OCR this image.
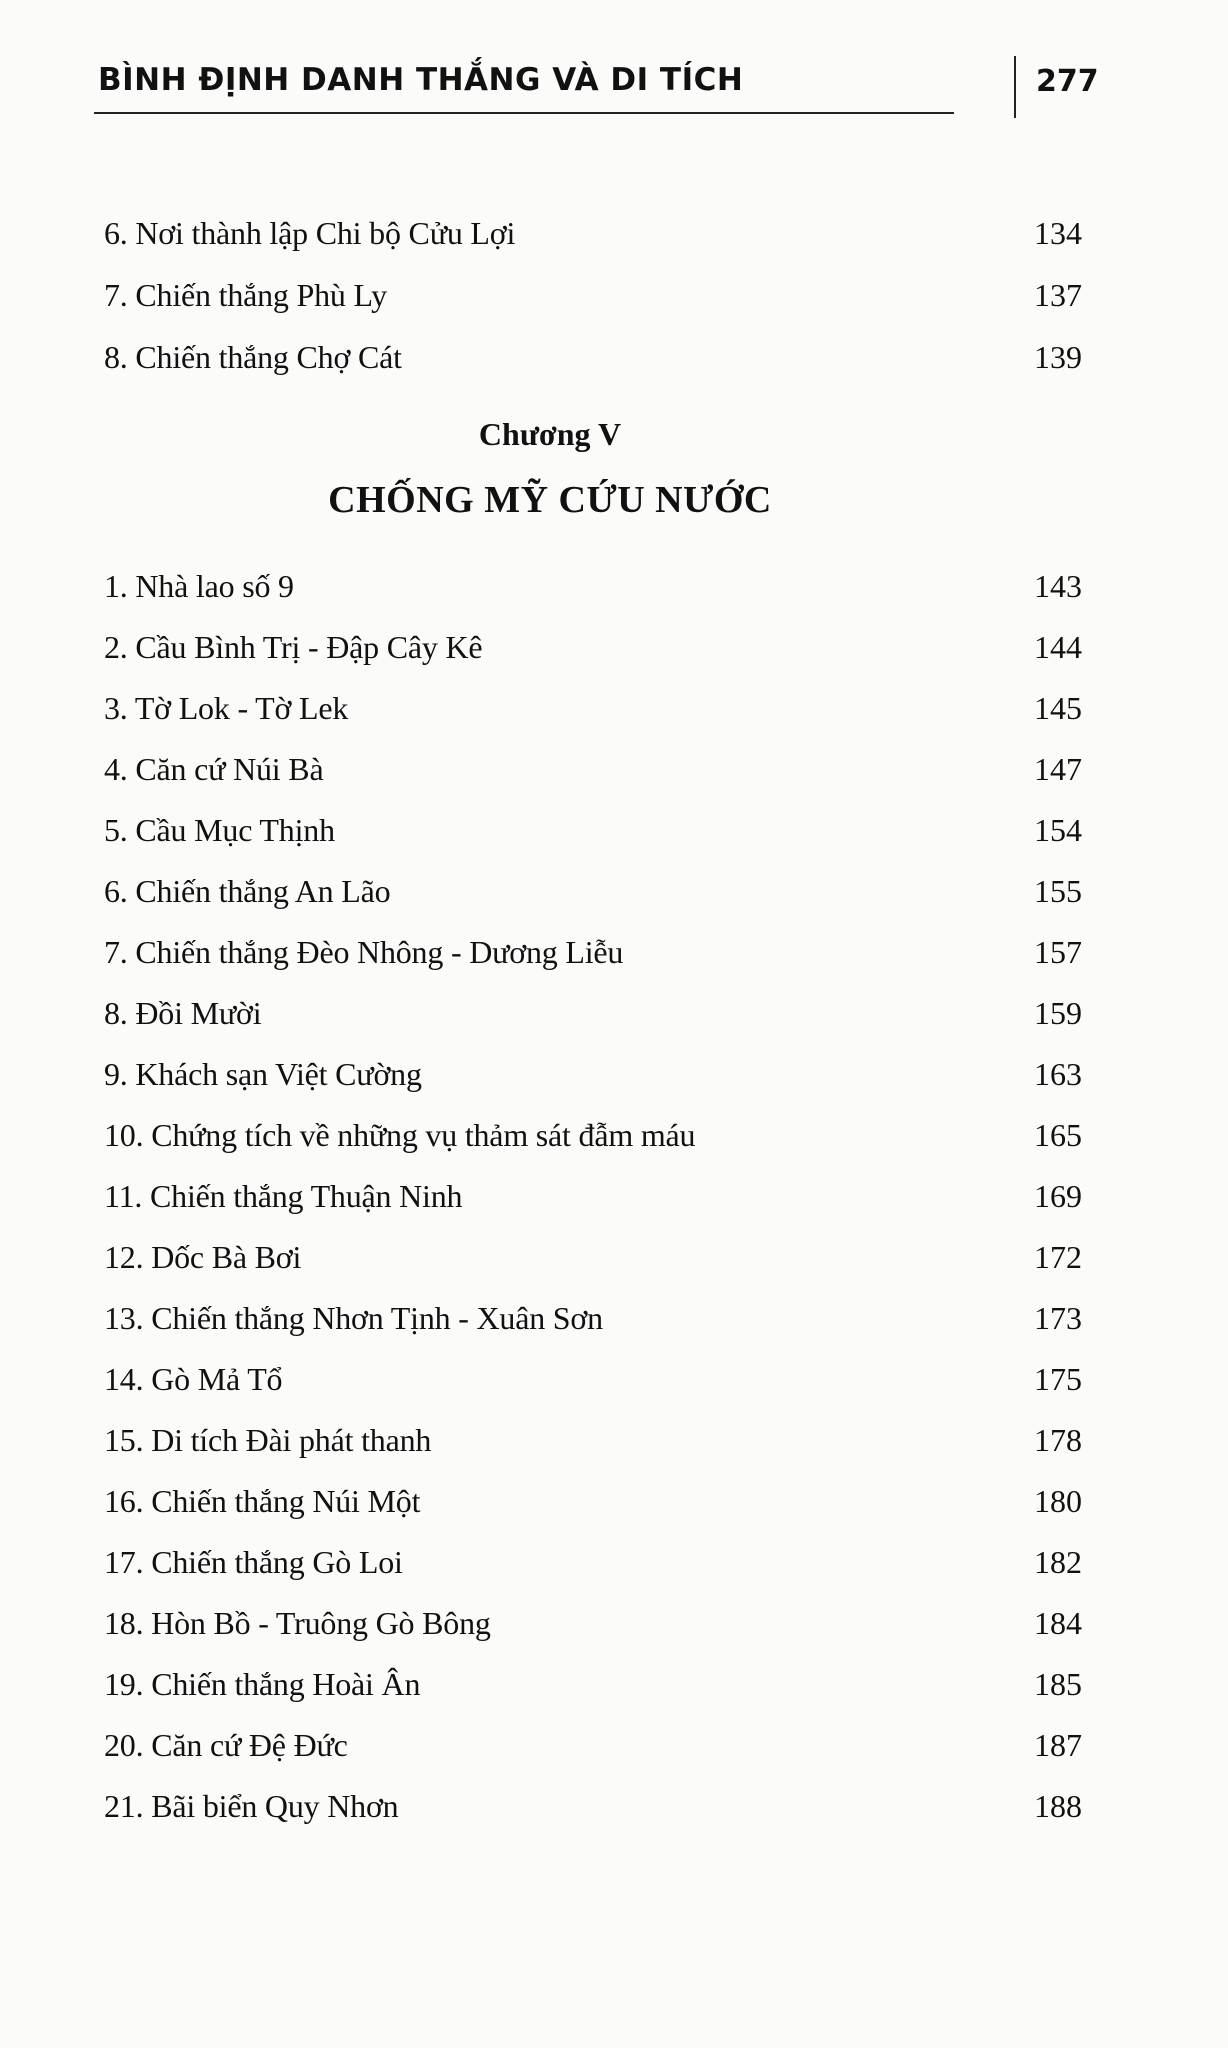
BÌNH ĐỊNH DANH THẮNG VÀ DI TÍCH	277
6. Nơi thành lập Chi bộ Cửu Lợi	134
7. Chiến thắng Phù Ly	137
8. Chiến thắng Chợ Cát	139
Chương V
CHỐNG MỸ CỨU NƯỚC
1. Nhà lao số 9	143
2. Cầu Bình Trị - Đập Cây Kê	144
3. Tờ Lok - Tờ Lek	145
4. Căn cứ Núi Bà	147
5. Cầu Mục Thịnh	154
6. Chiến thắng An Lão	155
7. Chiến thắng Đèo Nhông - Dương Liễu	157
8. Đồi Mười	159
9. Khách sạn Việt Cường	163
10. Chứng tích về những vụ thảm sát đẫm máu	165
11. Chiến thắng Thuận Ninh	169
12. Dốc Bà Bơi	172
13. Chiến thắng Nhơn Tịnh - Xuân Sơn	173
14. Gò Mả Tổ	175
15. Di tích Đài phát thanh	178
16. Chiến thắng Núi Một	180
17. Chiến thắng Gò Loi	182
18. Hòn Bồ - Truông Gò Bông	184
19. Chiến thắng Hoài Ân	185
20. Căn cứ Đệ Đức	187
21. Bãi biển Quy Nhơn	188
